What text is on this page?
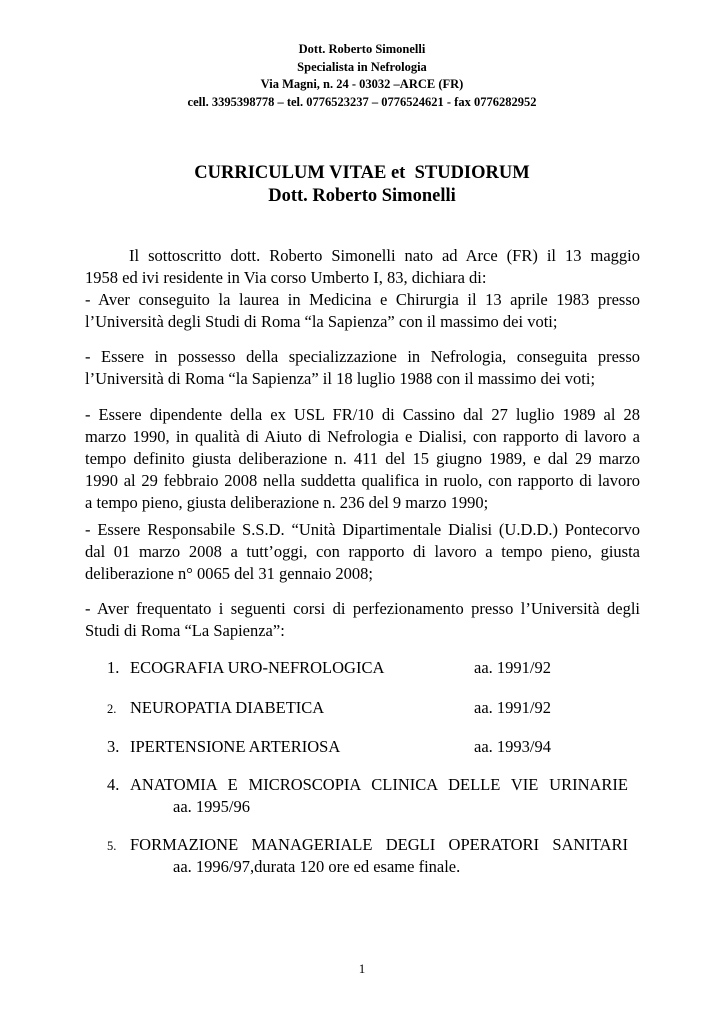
Dott. Roberto Simonelli
Specialista in Nefrologia
Via Magni, n. 24 - 03032 –ARCE (FR)
cell. 3395398778 – tel. 0776523237 – 0776524621 - fax 0776282952
CURRICULUM VITAE et  STUDIORUM
Dott. Roberto Simonelli
Il sottoscritto dott. Roberto Simonelli nato ad Arce (FR) il 13 maggio
1958 ed ivi residente in Via corso Umberto I, 83, dichiara di:
- Aver conseguito la laurea in Medicina e Chirurgia il 13 aprile 1983 presso
l’Università degli Studi di Roma “la Sapienza” con il massimo dei voti;
- Essere in possesso della specializzazione in Nefrologia, conseguita presso
l’Università di Roma “la Sapienza” il 18 luglio 1988 con il massimo dei voti;
- Essere dipendente della ex USL FR/10 di Cassino dal 27 luglio 1989 al 28
marzo 1990, in qualità di Aiuto di Nefrologia e Dialisi, con rapporto di lavoro a
tempo definito giusta deliberazione n. 411 del 15 giugno 1989, e dal 29 marzo
1990 al 29 febbraio 2008 nella suddetta qualifica in ruolo, con rapporto di lavoro
a tempo pieno, giusta deliberazione n. 236 del 9 marzo 1990;
- Essere Responsabile S.S.D. “Unità Dipartimentale Dialisi (U.D.D.) Pontecorvo
dal 01 marzo 2008 a tutt’oggi, con rapporto di lavoro a tempo pieno, giusta
deliberazione n° 0065 del 31 gennaio 2008;
- Aver frequentato i seguenti corsi di perfezionamento presso l’Università degli
Studi di Roma “La Sapienza”:
1. ECOGRAFIA URO-NEFROLOGICA	aa. 1991/92
2. NEUROPATIA DIABETICA	aa. 1991/92
3. IPERTENSIONE ARTERIOSA	aa. 1993/94
4. ANATOMIA E MICROSCOPIA CLINICA DELLE VIE URINARIE
aa. 1995/96
5. FORMAZIONE MANAGERIALE DEGLI OPERATORI SANITARI
aa. 1996/97,durata 120 ore ed esame finale.
1
